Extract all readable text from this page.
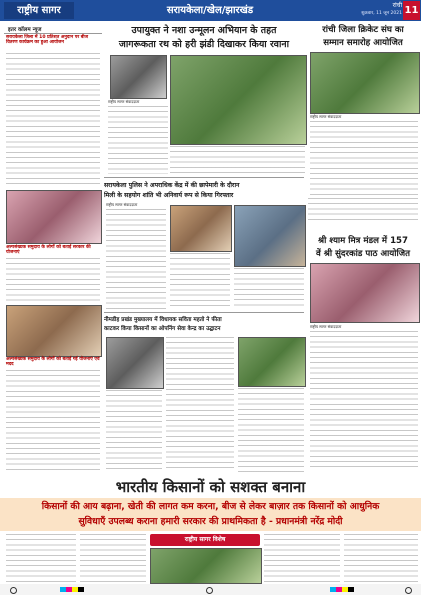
राष्ट्रीय सागर	सरायकेला/खेल/झारखंड	रांची
शुक्रवार, 11 जून 2021 11
इतर कॉलम न्यूज
सरायकेला जिला में 10 प्रतिशत अनुदान पर बीज वितरण कार्यक्रम का हुआ आयोजन
अल्पसंख्यक समुदाय के लोगों को बताई सरकार की योजनाएं
अल्पसंख्यक समुदाय के लोगों को बताई गई योजनाएं एवं मदद
उपायुक्त ने नशा उन्मूलन अभियान के तहत
जागरूकता रथ को हरी झंडी दिखाकर किया रवाना
राष्ट्रीय सागर संवाददाता
रांची जिला क्रिकेट संघ का
सम्मान समारोह आयोजित
राष्ट्रीय सागर संवाददाता
सरायकेला पुलिस ने अपराधिक केंद्र में की छापेमारी के दौरान
मिली के सहयोग शांति भी अनिवार्य रूप से किया गिरफ्तार
राष्ट्रीय सागर संवाददाता
श्री श्याम मित्र मंडल में 157
वें श्री सुंदरकांड पाठ आयोजित
राष्ट्रीय सागर संवाददाता
नीमडीह प्रखंड मुख्यालय में विधायक सविता महतो ने फीता
काटकर किया किसानों का ओपनिंग सेवा केन्द्र का उद्घाटन
भारतीय किसानों को सशक्त बनाना
किसानों की आय बढ़ाना, खेती की लागत कम करना, बीज से लेकर बाज़ार तक किसानों को आधुनिक
सुविधाएँ उपलब्ध कराना हमारी सरकार की प्राथमिकता है - प्रधानमंत्री नरेंद्र मोदी
राष्ट्रीय सागर विशेष
